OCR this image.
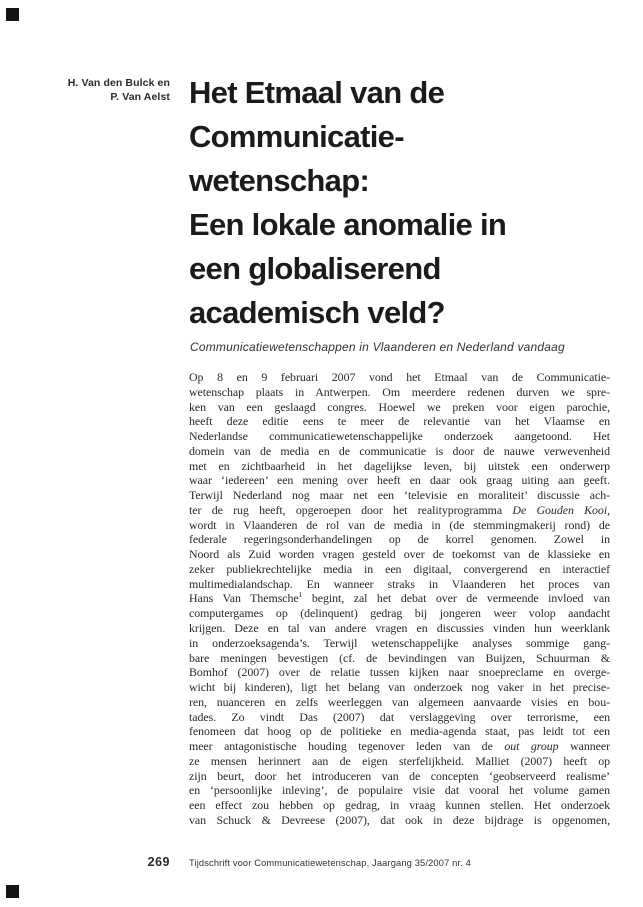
H. Van den Bulck en
P. Van Aelst Het Etmaal van de
Communicatie-
wetenschap:
Een lokale anomalie in
een globaliserend
academisch veld?
Communicatiewetenschappen in Vlaanderen en Nederland vandaag
Op 8 en 9 februari 2007 vond het Etmaal van de Communicatie-
wetenschap plaats in Antwerpen. Om meerdere redenen durven we spre-
ken van een geslaagd congres. Hoewel we preken voor eigen parochie,
heeft deze editie eens te meer de relevantie van het Vlaamse en
Nederlandse communicatiewetenschappelijke onderzoek aangetoond. Het
domein van de media en de communicatie is door de nauwe verwevenheid
met en zichtbaarheid in het dagelijkse leven, bij uitstek een onderwerp
waar ‘iedereen’ een mening over heeft en daar ook graag uiting aan geeft.
Terwijl Nederland nog maar net een ‘televisie en moraliteit’ discussie ach-
ter de rug heeft, opgeroepen door het realityprogramma De Gouden Kooi,
wordt in Vlaanderen de rol van de media in (de stemmingmakerij rond) de
federale regeringsonderhandelingen op de korrel genomen. Zowel in
Noord als Zuid worden vragen gesteld over de toekomst van de klassieke en
zeker publiekrechtelijke media in een digitaal, convergerend en interactief
multimedialandschap. En wanneer straks in Vlaanderen het proces van
Hans Van Themsche$^1$ begint, zal het debat over de vermeende invloed van
computergames op (delinquent) gedrag bij jongeren weer volop aandacht
krijgen. Deze en tal van andere vragen en discussies vinden hun weerklank
in onderzoeksagenda’s. Terwijl wetenschappelijke analyses sommige gang-
bare meningen bevestigen (cf. de bevindingen van Buijzen, Schuurman &
Bomhof (2007) over de relatie tussen kijken naar snoepreclame en overge-
wicht bij kinderen), ligt het belang van onderzoek nog vaker in het precise-
ren, nuanceren en zelfs weerleggen van algemeen aanvaarde visies en bou-
tades. Zo vindt Das (2007) dat verslaggeving over terrorisme, een
fenomeen dat hoog op de politieke en media-agenda staat, pas leidt tot een
meer antagonistische houding tegenover leden van de out group wanneer
ze mensen herinnert aan de eigen sterfelijkheid. Malliet (2007) heeft op
zijn beurt, door het introduceren van de concepten ‘geobserveerd realisme’
en ‘persoonlijke inleving’, de populaire visie dat vooral het volume gamen
een effect zou hebben op gedrag, in vraag kunnen stellen. Het onderzoek
van Schuck & Devreese (2007), dat ook in deze bijdrage is opgenomen,
269 Tijdschrift voor Communicatiewetenschap, Jaargang 35/2007 nr. 4
